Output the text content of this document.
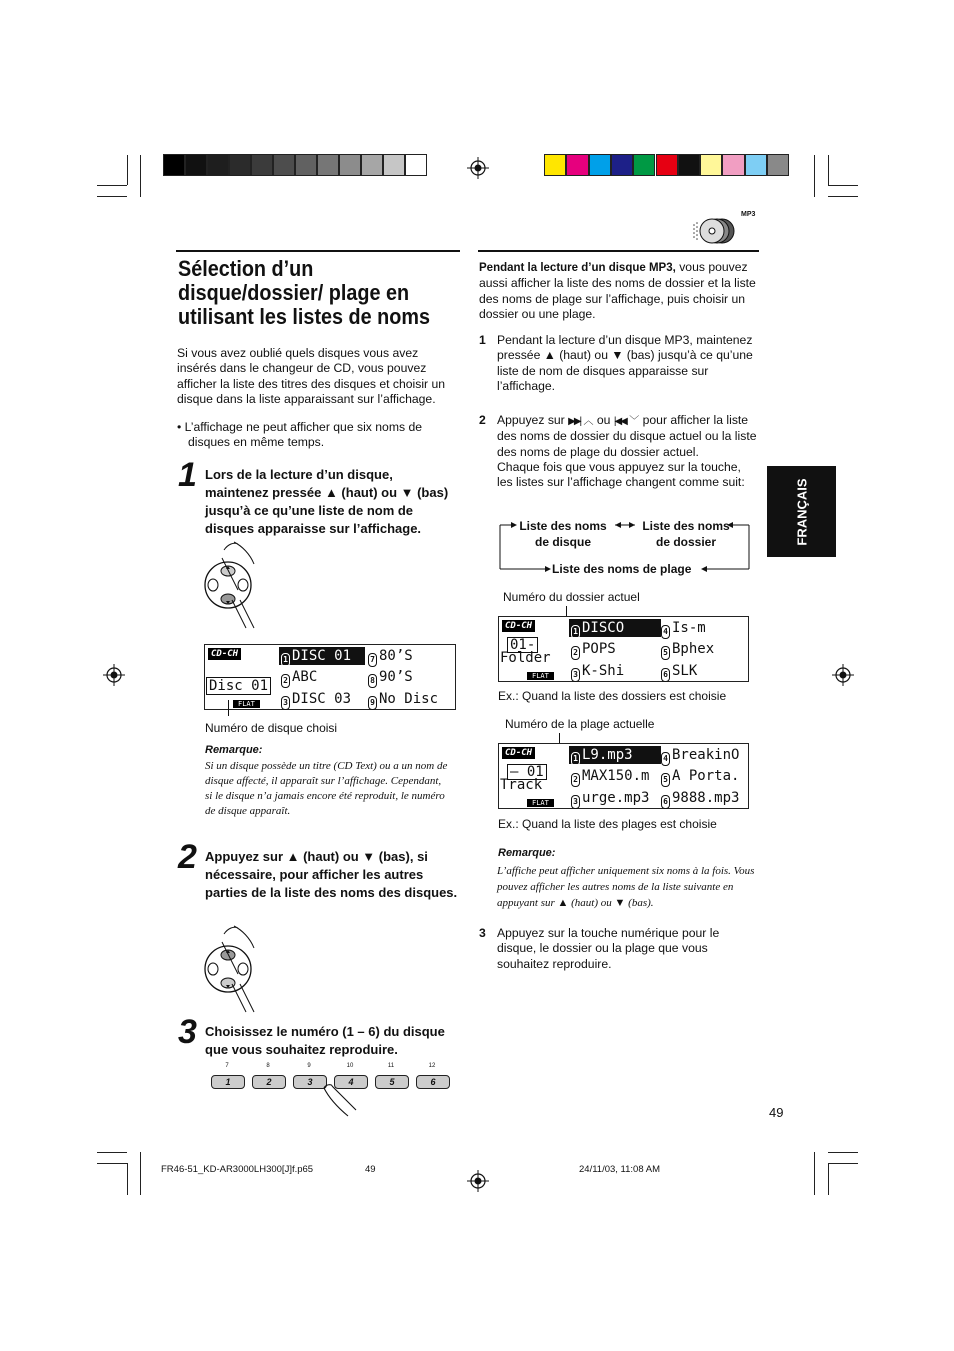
MP3
Sélection d’un disque/dossier/ plage en utilisant les listes de noms
Si vous avez oublié quels disques vous avez insérés dans le changeur de CD, vous pouvez afficher la liste des titres des disques et choisir un disque dans la liste apparaissant sur l’affichage.
• L’affichage ne peut afficher que six noms de disques en même temps.
1 Lors de la lecture d’un disque, maintenez pressée ▲ (haut) ou ▼ (bas) jusqu’à ce qu’une liste de nom de disques apparaisse sur l’affichage.
CD-CH
1 DISC 01 7 80’S
2 ABC	8 90’S
3 DISC 03 9 No Disc
Disc 01
FLAT
Numéro de disque choisi
Remarque:
Si un disque possède un titre (CD Text) ou a un nom de disque affecté, il apparaît sur l’affichage. Cependant, si le disque n’a jamais encore été reproduit, le numéro de disque apparaît.
2 Appuyez sur ▲ (haut) ou ▼ (bas), si nécessaire, pour afficher les autres parties de la liste des noms des disques.
3 Choisissez le numéro (1 – 6) du disque que vous souhaitez reproduire.
7	8	9	10	11	12
1	2	3	4	5	6
Pendant la lecture d’un disque MP3, vous pouvez aussi afficher la liste des noms de dossier et la liste des noms de plage sur l’affichage, puis choisir un dossier ou une plage.
1 Pendant la lecture d’un disque MP3, maintenez pressée ▲ (haut) ou ▼ (bas) jusqu’à ce qu’une liste de nom de disques apparaisse sur l’affichage.
2 Appuyez sur ▶▶| ︿ ou |◀◀ ﹀ pour afficher la liste des noms de dossier du disque actuel ou la liste des noms de plage du dossier actuel.
Chaque fois que vous appuyez sur la touche, les listes sur l’affichage changent comme suit:
Liste des noms
de disque
Liste des noms
de dossier
Liste des noms de plage
Numéro du dossier actuel
CD-CH
1 DISCO	4 Is-m
2 POPS	5 Bphex
3 K-Shi	6 SLK
01-
Folder
FLAT
Ex.: Quand la liste des dossiers est choisie
Numéro de la plage actuelle
CD-CH
1 L9.mp3	4 BreakinO
2 MAX150.m 5 A Porta.
3 urge.mp3 6 9888.mp3
– 01
Track
FLAT
Ex.: Quand la liste des plages est choisie
Remarque:
L’affiche peut afficher uniquement six noms à la fois. Vous pouvez afficher les autres noms de la liste suivante en appuyant sur ▲ (haut) ou ▼ (bas).
3 Appuyez sur la touche numérique pour le disque, le dossier ou la plage que vous souhaitez reproduire.
FRANÇAIS
49
FR46-51_KD-AR3000LH300[J]f.p65	49	24/11/03, 11:08 AM
